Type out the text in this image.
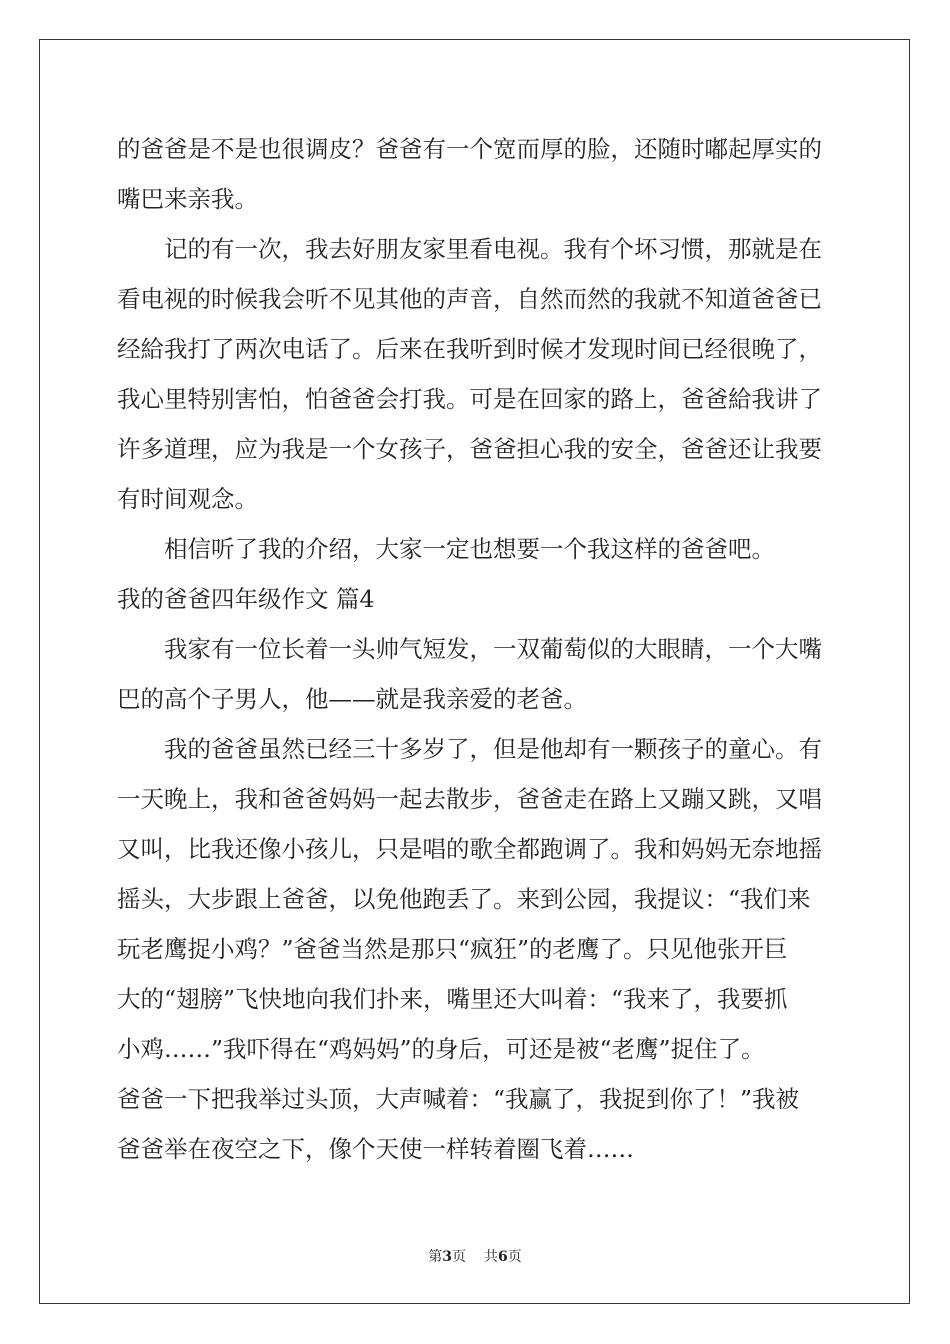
的爸爸是不是也很调皮？爸爸有一个宽而厚的脸，还随时嘟起厚实的
嘴巴来亲我。
记的有一次，我去好朋友家里看电视。我有个坏习惯，那就是在
看电视的时候我会听不见其他的声音，自然而然的我就不知道爸爸已
经給我打了两次电话了。后来在我听到时候才发现时间已经很晚了，
我心里特别害怕，怕爸爸会打我。可是在回家的路上，爸爸給我讲了
许多道理，应为我是一个女孩子，爸爸担心我的安全，爸爸还让我要
有时间观念。
相信听了我的介绍，大家一定也想要一个我这样的爸爸吧。
我的爸爸四年级作文 篇4
我家有一位长着一头帅气短发，一双葡萄似的大眼睛，一个大嘴
巴的高个子男人，他——就是我亲爱的老爸。
我的爸爸虽然已经三十多岁了，但是他却有一颗孩子的童心。有
一天晚上，我和爸爸妈妈一起去散步，爸爸走在路上又蹦又跳，又唱
又叫，比我还像小孩儿，只是唱的歌全都跑调了。我和妈妈无奈地摇
摇头，大步跟上爸爸，以免他跑丢了。来到公园，我提议：“我们来
玩老鹰捉小鸡？”爸爸当然是那只“疯狂”的老鹰了。只见他张开巨
大的“翅膀”飞快地向我们扑来，嘴里还大叫着：“我来了，我要抓
小鸡……”我吓得在“鸡妈妈”的身后，可还是被“老鹰”捉住了。
爸爸一下把我举过头顶，大声喊着：“我赢了，我捉到你了！”我被
爸爸举在夜空之下，像个天使一样转着圈飞着……
第3页 共6页
